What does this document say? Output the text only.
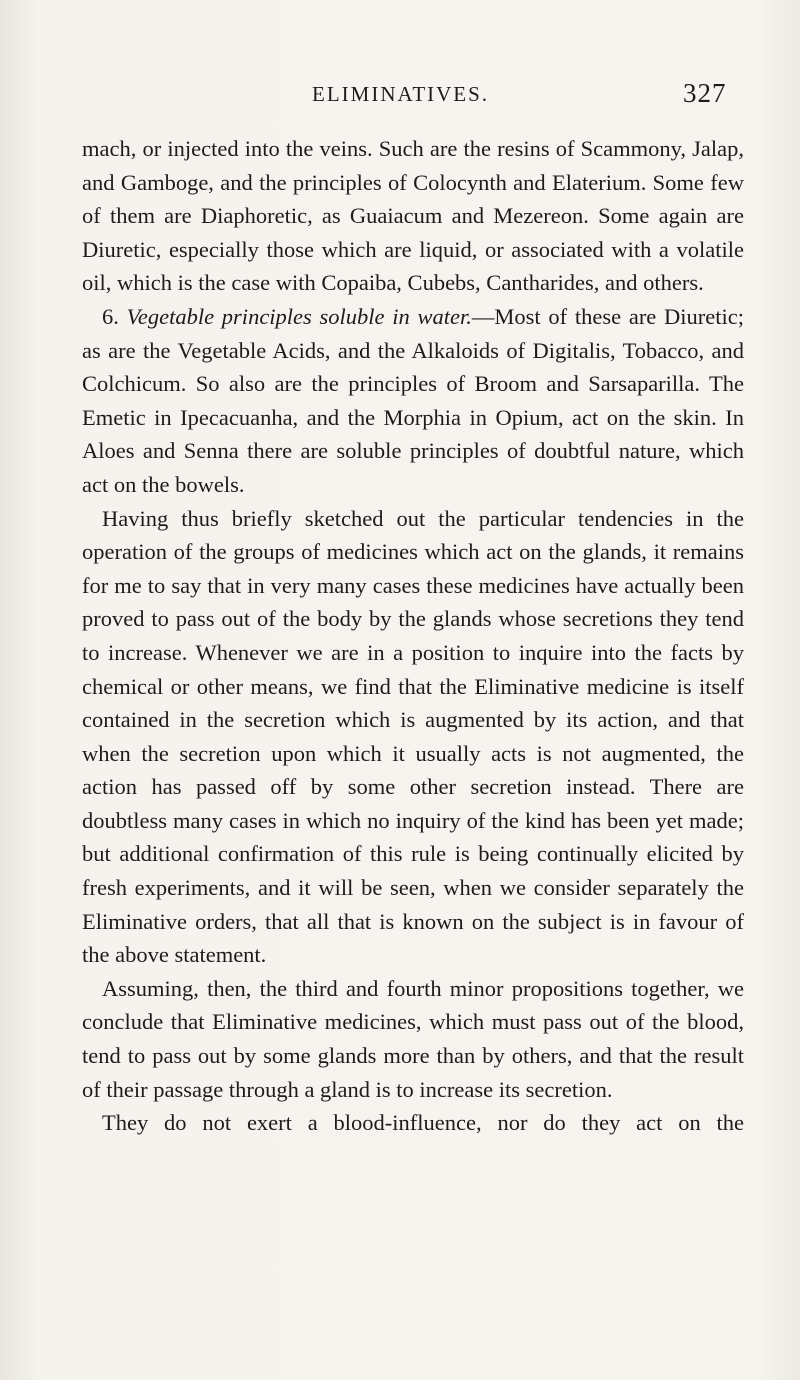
ELIMINATIVES.	327

mach, or injected into the veins. Such are the resins of Scammony, Jalap, and Gamboge, and the principles of Colocynth and Elaterium. Some few of them are Diaphoretic, as Guaiacum and Mezereon. Some again are Diuretic, especially those which are liquid, or associated with a volatile oil, which is the case with Copaiba, Cubebs, Cantharides, and others.

6. Vegetable principles soluble in water.—Most of these are Diuretic; as are the Vegetable Acids, and the Alkaloids of Digitalis, Tobacco, and Colchicum. So also are the principles of Broom and Sarsaparilla. The Emetic in Ipecacuanha, and the Morphia in Opium, act on the skin. In Aloes and Senna there are soluble principles of doubtful nature, which act on the bowels.

Having thus briefly sketched out the particular tendencies in the operation of the groups of medicines which act on the glands, it remains for me to say that in very many cases these medicines have actually been proved to pass out of the body by the glands whose secretions they tend to increase. Whenever we are in a position to inquire into the facts by chemical or other means, we find that the Eliminative medicine is itself contained in the secretion which is augmented by its action, and that when the secretion upon which it usually acts is not augmented, the action has passed off by some other secretion instead. There are doubtless many cases in which no inquiry of the kind has been yet made; but additional confirmation of this rule is being continually elicited by fresh experiments, and it will be seen, when we consider separately the Eliminative orders, that all that is known on the subject is in favour of the above statement.

Assuming, then, the third and fourth minor propositions together, we conclude that Eliminative medicines, which must pass out of the blood, tend to pass out by some glands more than by others, and that the result of their passage through a gland is to increase its secretion.

They do not exert a blood-influence, nor do they act on the
